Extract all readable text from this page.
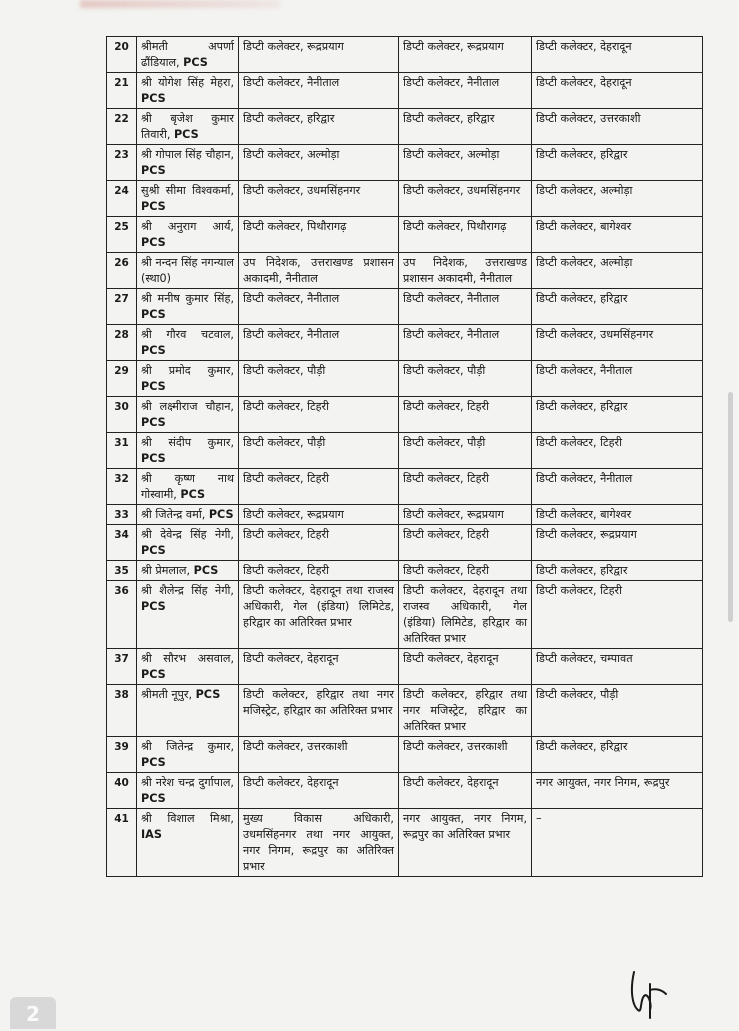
20	श्रीमती अपर्णा ढौंडियाल, PCS	डिप्टी कलेक्टर, रूद्रप्रयाग	डिप्टी कलेक्टर, रूद्रप्रयाग	डिप्टी कलेक्टर, देहरादून
21	श्री योगेश सिंह मेहरा, PCS	डिप्टी कलेक्टर, नैनीताल	डिप्टी कलेक्टर, नैनीताल	डिप्टी कलेक्टर, देहरादून
22	श्री बृजेश कुमार तिवारी, PCS	डिप्टी कलेक्टर, हरिद्वार	डिप्टी कलेक्टर, हरिद्वार	डिप्टी कलेक्टर, उत्तरकाशी
23	श्री गोपाल सिंह चौहान, PCS	डिप्टी कलेक्टर, अल्मोड़ा	डिप्टी कलेक्टर, अल्मोड़ा	डिप्टी कलेक्टर, हरिद्वार
24	सुश्री सीमा विश्वकर्मा, PCS	डिप्टी कलेक्टर, उधमसिंहनगर	डिप्टी कलेक्टर, उधमसिंहनगर	डिप्टी कलेक्टर, अल्मोड़ा
25	श्री अनुराग आर्य, PCS	डिप्टी कलेक्टर, पिथौरागढ़	डिप्टी कलेक्टर, पिथौरागढ़	डिप्टी कलेक्टर, बागेश्वर
26	श्री नन्दन सिंह नगन्याल (स्था0)	उप निदेशक, उत्तराखण्ड प्रशासन अकादमी, नैनीताल	उप निदेशक, उत्तराखण्ड प्रशासन अकादमी, नैनीताल	डिप्टी कलेक्टर, अल्मोड़ा
27	श्री मनीष कुमार सिंह, PCS	डिप्टी कलेक्टर, नैनीताल	डिप्टी कलेक्टर, नैनीताल	डिप्टी कलेक्टर, हरिद्वार
28	श्री गौरव चटवाल, PCS	डिप्टी कलेक्टर, नैनीताल	डिप्टी कलेक्टर, नैनीताल	डिप्टी कलेक्टर, उधमसिंहनगर
29	श्री प्रमोद कुमार, PCS	डिप्टी कलेक्टर, पौड़ी	डिप्टी कलेक्टर, पौड़ी	डिप्टी कलेक्टर, नैनीताल
30	श्री लक्ष्मीराज चौहान, PCS	डिप्टी कलेक्टर, टिहरी	डिप्टी कलेक्टर, टिहरी	डिप्टी कलेक्टर, हरिद्वार
31	श्री संदीप कुमार, PCS	डिप्टी कलेक्टर, पौड़ी	डिप्टी कलेक्टर, पौड़ी	डिप्टी कलेक्टर, टिहरी
32	श्री कृष्ण नाथ गोस्वामी, PCS	डिप्टी कलेक्टर, टिहरी	डिप्टी कलेक्टर, टिहरी	डिप्टी कलेक्टर, नैनीताल
33	श्री जितेन्द्र वर्मा, PCS	डिप्टी कलेक्टर, रूद्रप्रयाग	डिप्टी कलेक्टर, रूद्रप्रयाग	डिप्टी कलेक्टर, बागेश्वर
34	श्री देवेन्द्र सिंह नेगी, PCS	डिप्टी कलेक्टर, टिहरी	डिप्टी कलेक्टर, टिहरी	डिप्टी कलेक्टर, रूद्रप्रयाग
35	श्री प्रेमलाल, PCS	डिप्टी कलेक्टर, टिहरी	डिप्टी कलेक्टर, टिहरी	डिप्टी कलेक्टर, हरिद्वार
36	श्री शैलेन्द्र सिंह नेगी, PCS	डिप्टी कलेक्टर, देहरादून तथा राजस्व अधिकारी, गेल (इंडिया) लिमिटेड, हरिद्वार का अतिरिक्त प्रभार	डिप्टी कलेक्टर, देहरादून तथा राजस्व अधिकारी, गेल (इंडिया) लिमिटेड, हरिद्वार का अतिरिक्त प्रभार	डिप्टी कलेक्टर, टिहरी
37	श्री सौरभ असवाल, PCS	डिप्टी कलेक्टर, देहरादून	डिप्टी कलेक्टर, देहरादून	डिप्टी कलेक्टर, चम्पावत
38	श्रीमती नूपुर, PCS	डिप्टी कलेक्टर, हरिद्वार तथा नगर मजिस्ट्रेट, हरिद्वार का अतिरिक्त प्रभार	डिप्टी कलेक्टर, हरिद्वार तथा नगर मजिस्ट्रेट, हरिद्वार का अतिरिक्त प्रभार	डिप्टी कलेक्टर, पौड़ी
39	श्री जितेन्द्र कुमार, PCS	डिप्टी कलेक्टर, उत्तरकाशी	डिप्टी कलेक्टर, उत्तरकाशी	डिप्टी कलेक्टर, हरिद्वार
40	श्री नरेश चन्द्र दुर्गापाल, PCS	डिप्टी कलेक्टर, देहरादून	डिप्टी कलेक्टर, देहरादून	नगर आयुक्त, नगर निगम, रूद्रपुर
41	श्री विशाल मिश्रा, IAS	मुख्य विकास अधिकारी, उधमसिंहनगर तथा नगर आयुक्त, नगर निगम, रूद्रपुर का अतिरिक्त प्रभार	नगर आयुक्त, नगर निगम, रूद्रपुर का अतिरिक्त प्रभार	–
2
